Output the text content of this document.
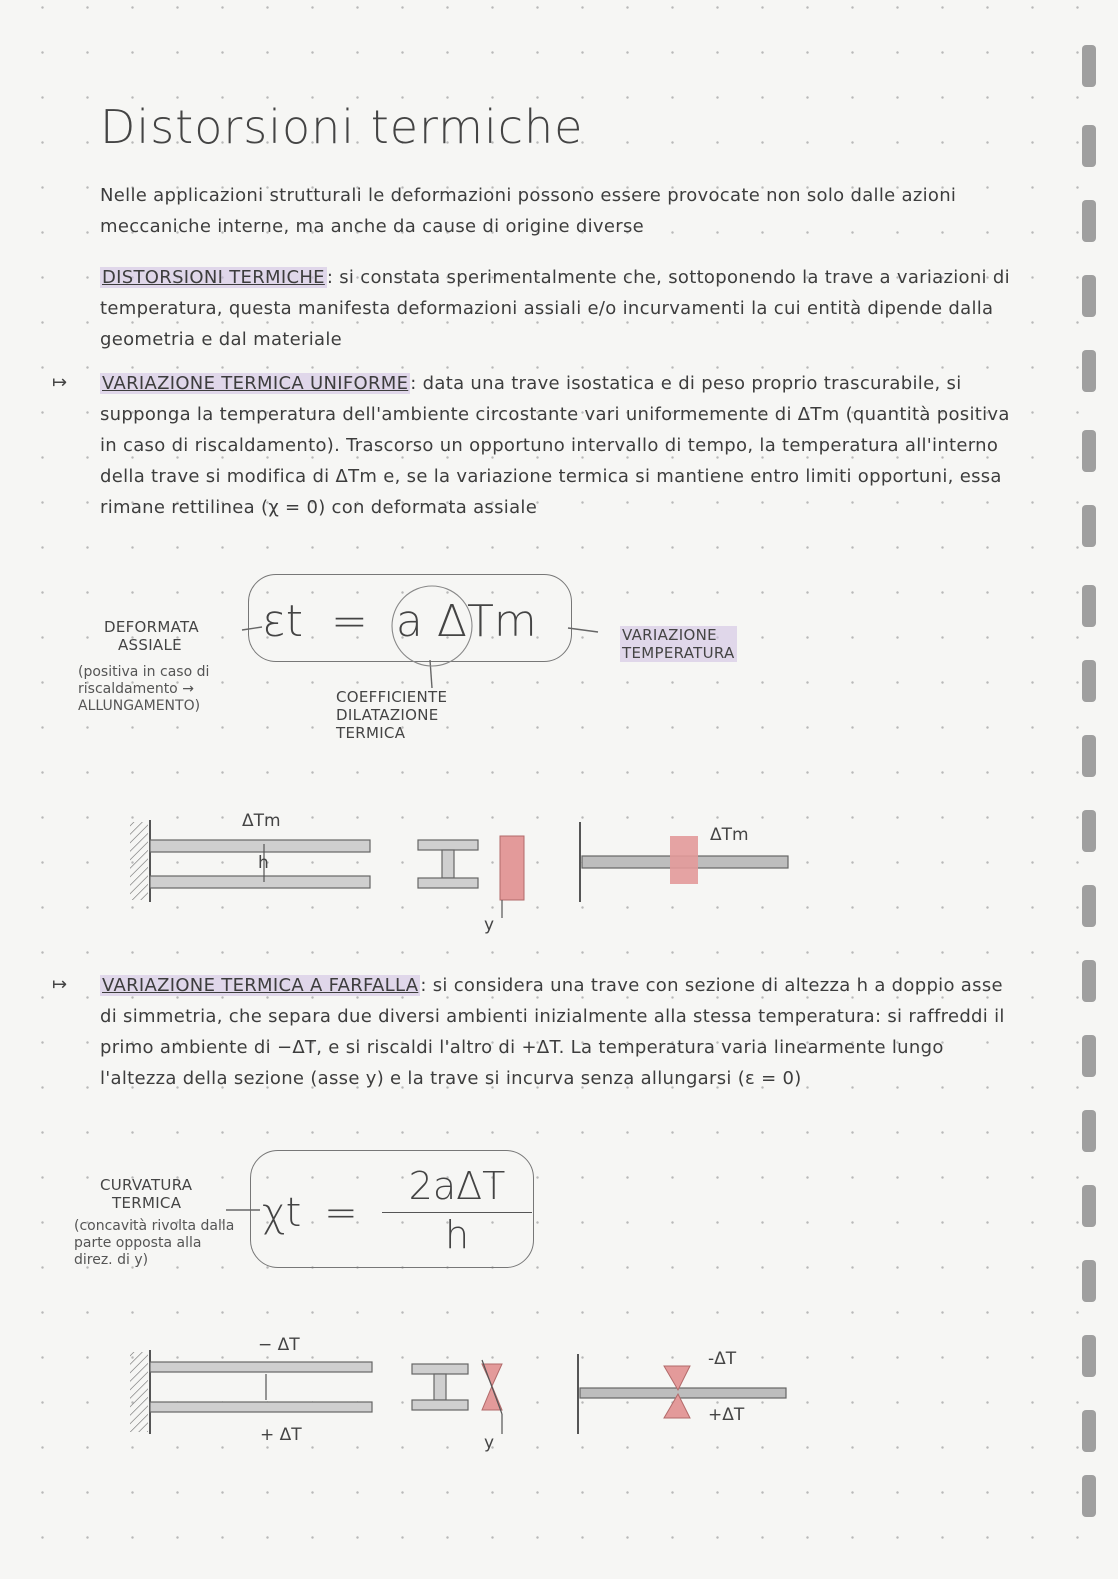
Distorsioni termiche
Nelle applicazioni strutturali le deformazioni possono essere provocate non solo dalle azioni meccaniche interne, ma anche da cause di origine diverse
DISTORSIONI TERMICHE : si constata sperimentalmente che, sottoponendo la trave a variazioni di temperatura, questa manifesta deformazioni assiali e/o incurvamenti la cui entità dipende dalla geometria e dal materiale
↦ VARIAZIONE TERMICA UNIFORME : data una trave isostatica e di peso proprio trascurabile, si supponga la temperatura dell'ambiente circostante vari uniformemente di ΔTm (quantità positiva in caso di riscaldamento). Trascorso un opportuno intervallo di tempo, la temperatura all'interno della trave si modifica di ΔTm e, se la variazione termica si mantiene entro limiti opportuni, essa rimane rettilinea (χ = 0) con deformata assiale
εt = a ΔTm
DEFORMATA
ASSIALE
(positiva in caso di riscaldamento → ALLUNGAMENTO)	COEFFICIENTE
DILATAZIONE
TERMICA
VARIAZIONE
TEMPERATURA
ΔTm
h
y
ΔTm
↦ VARIAZIONE TERMICA A FARFALLA : si considera una trave con sezione di altezza h a doppio asse di simmetria, che separa due diversi ambienti inizialmente alla stessa temperatura: si raffreddi il primo ambiente di −ΔT, e si riscaldi l'altro di +ΔT. La temperatura varia linearmente lungo l'altezza della sezione (asse y) e la trave si incurva senza allungarsi (ε = 0)
χt =
2aΔT
h
CURVATURA
TERMICA
(concavità rivolta dalla parte opposta alla direz. di y)
− ΔT
+ ΔT	y
-ΔT
+ΔT
